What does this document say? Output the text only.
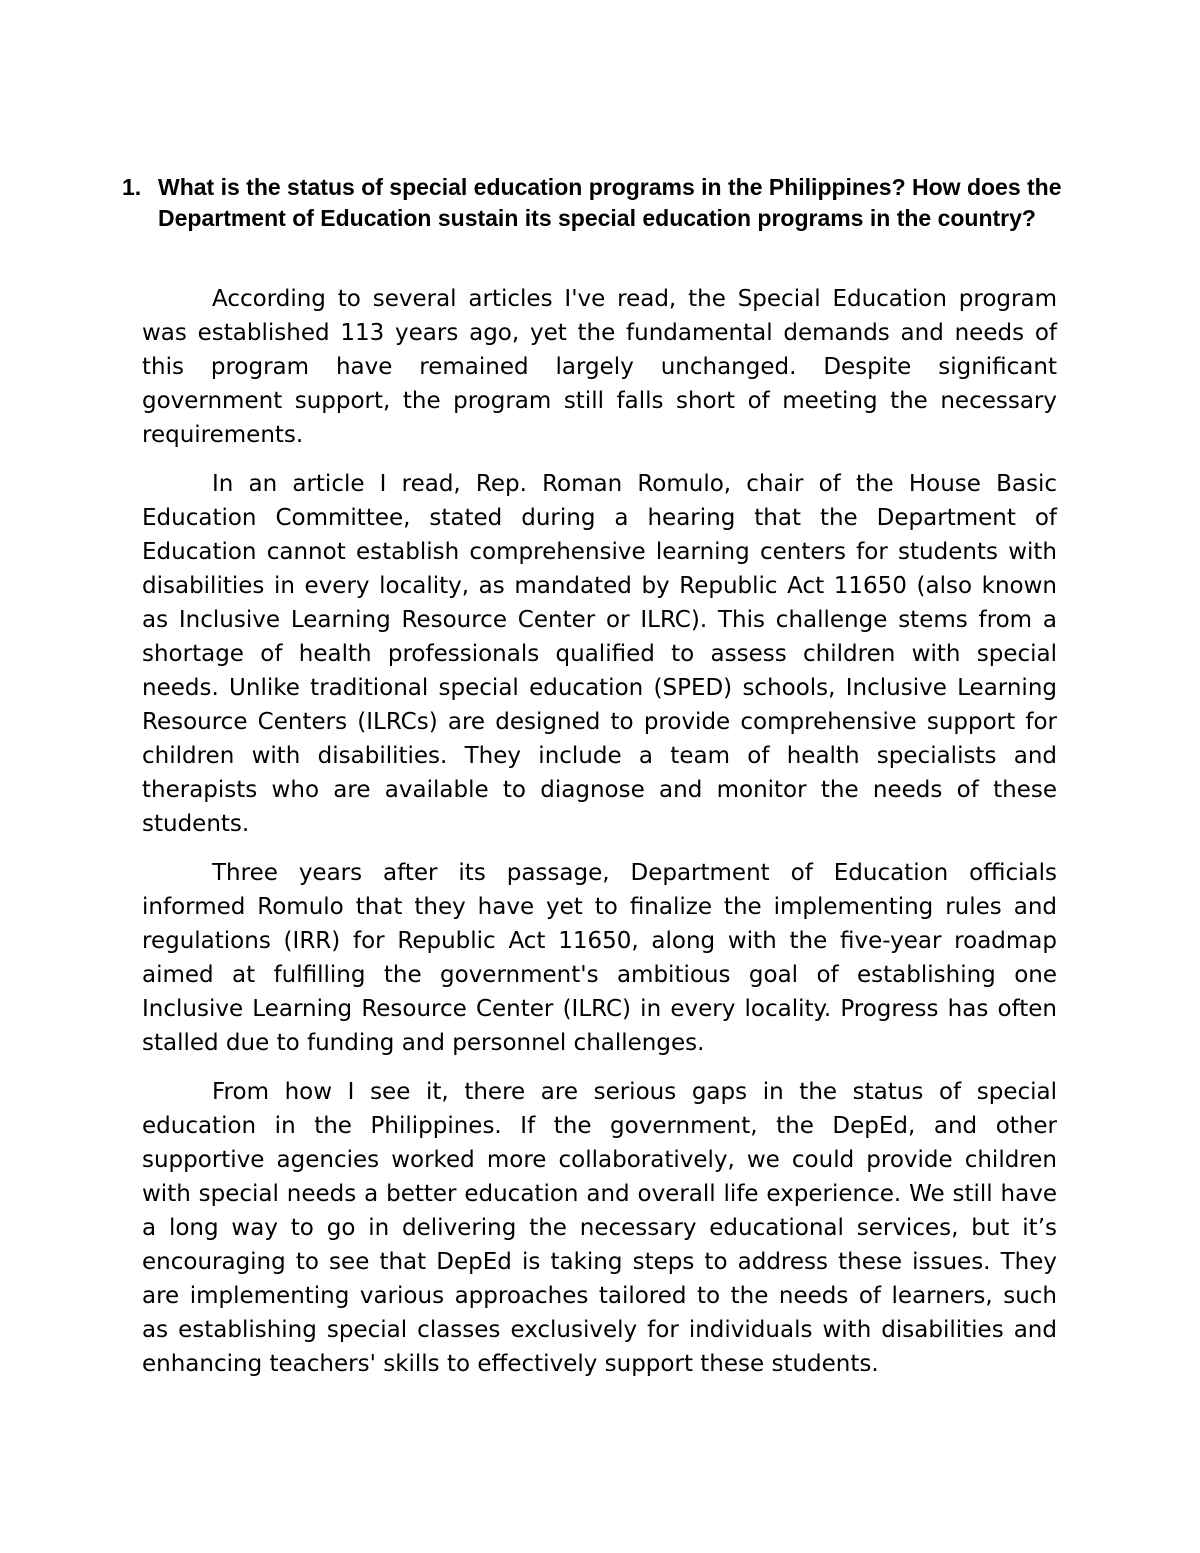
1. What is the status of special education programs in the Philippines? How does the Department of Education sustain its special education programs in the country?

According to several articles I've read, the Special Education program was established 113 years ago, yet the fundamental demands and needs of this program have remained largely unchanged. Despite significant government support, the program still falls short of meeting the necessary requirements.

In an article I read, Rep. Roman Romulo, chair of the House Basic Education Committee, stated during a hearing that the Department of Education cannot establish comprehensive learning centers for students with disabilities in every locality, as mandated by Republic Act 11650 (also known as Inclusive Learning Resource Center or ILRC). This challenge stems from a shortage of health professionals qualified to assess children with special needs. Unlike traditional special education (SPED) schools, Inclusive Learning Resource Centers (ILRCs) are designed to provide comprehensive support for children with disabilities. They include a team of health specialists and therapists who are available to diagnose and monitor the needs of these students.

Three years after its passage, Department of Education officials informed Romulo that they have yet to finalize the implementing rules and regulations (IRR) for Republic Act 11650, along with the five-year roadmap aimed at fulfilling the government's ambitious goal of establishing one Inclusive Learning Resource Center (ILRC) in every locality. Progress has often stalled due to funding and personnel challenges.

From how I see it, there are serious gaps in the status of special education in the Philippines. If the government, the DepEd, and other supportive agencies worked more collaboratively, we could provide children with special needs a better education and overall life experience. We still have a long way to go in delivering the necessary educational services, but it’s encouraging to see that DepEd is taking steps to address these issues. They are implementing various approaches tailored to the needs of learners, such as establishing special classes exclusively for individuals with disabilities and enhancing teachers' skills to effectively support these students.
